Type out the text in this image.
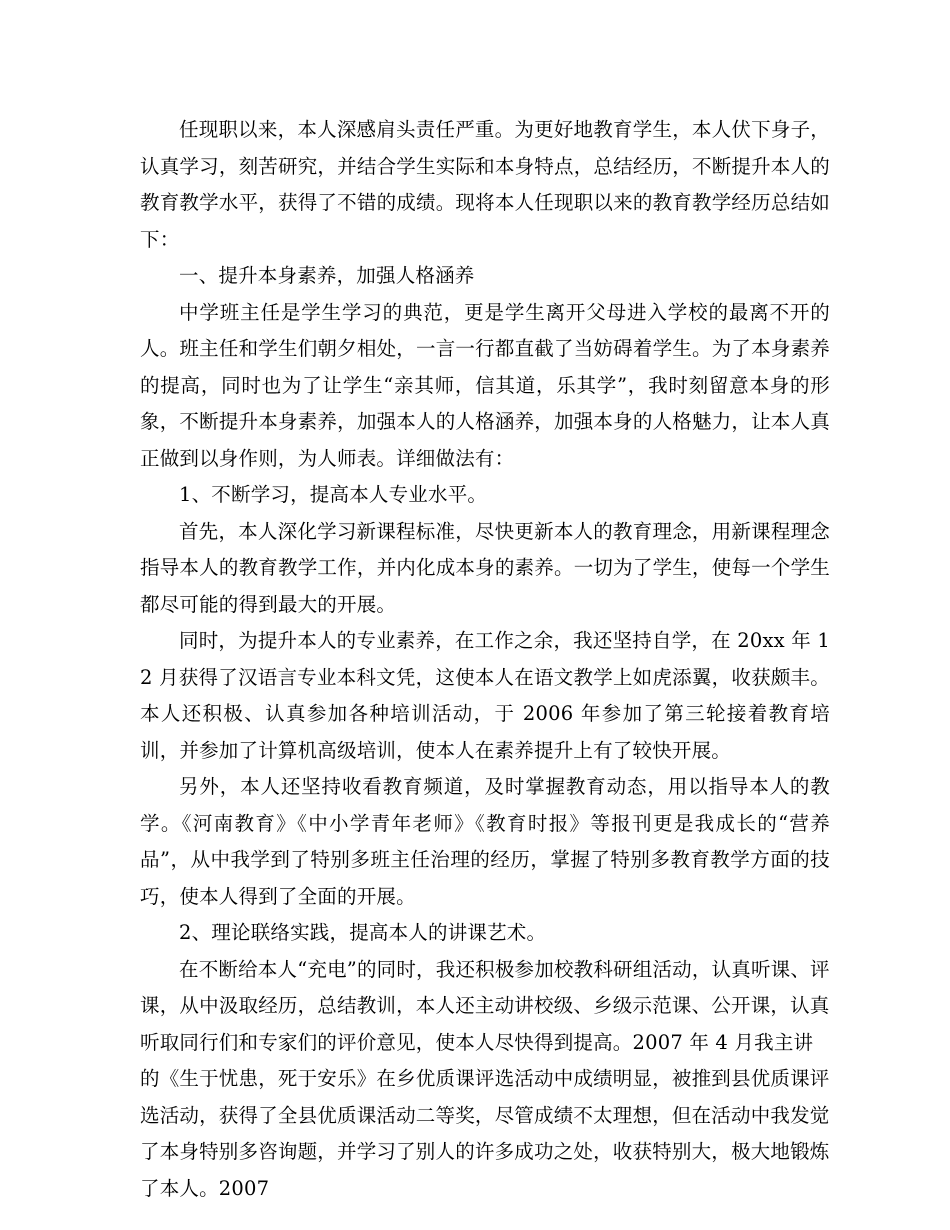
任现职以来，本人深感肩头责任严重。为更好地教育学生，本人伏下身子，认真学习，刻苦研究，并结合学生实际和本身特点，总结经历，不断提升本人的教育教学水平，获得了不错的成绩。现将本人任现职以来的教育教学经历总结如下：

一、提升本身素养，加强人格涵养

中学班主任是学生学习的典范，更是学生离开父母进入学校的最离不开的人。班主任和学生们朝夕相处，一言一行都直截了当妨碍着学生。为了本身素养的提高，同时也为了让学生“亲其师，信其道，乐其学”，我时刻留意本身的形象，不断提升本身素养，加强本人的人格涵养，加强本身的人格魅力，让本人真正做到以身作则，为人师表。详细做法有：

1、不断学习，提高本人专业水平。

首先，本人深化学习新课程标准，尽快更新本人的教育理念，用新课程理念指导本人的教育教学工作，并内化成本身的素养。一切为了学生，使每一个学生都尽可能的得到最大的开展。

同时，为提升本人的专业素养，在工作之余，我还坚持自学，在 20xx 年 12 月获得了汉语言专业本科文凭，这使本人在语文教学上如虎添翼，收获颇丰。本人还积极、认真参加各种培训活动，于 2006 年参加了第三轮接着教育培训，并参加了计算机高级培训，使本人在素养提升上有了较快开展。

另外，本人还坚持收看教育频道，及时掌握教育动态，用以指导本人的教学。《河南教育》《中小学青年老师》《教育时报》等报刊更是我成长的“营养品”，从中我学到了特别多班主任治理的经历，掌握了特别多教育教学方面的技巧，使本人得到了全面的开展。

2、理论联络实践，提高本人的讲课艺术。

在不断给本人“充电”的同时，我还积极参加校教科研组活动，认真听课、评课，从中汲取经历，总结教训，本人还主动讲校级、乡级示范课、公开课，认真听取同行们和专家们的评价意见，使本人尽快得到提高。2007 年 4 月我主讲的《生于忧患，死于安乐》在乡优质课评选活动中成绩明显，被推到县优质课评选活动，获得了全县优质课活动二等奖，尽管成绩不太理想，但在活动中我发觉了本身特别多咨询题，并学习了别人的许多成功之处，收获特别大，极大地锻炼了本人。2007
